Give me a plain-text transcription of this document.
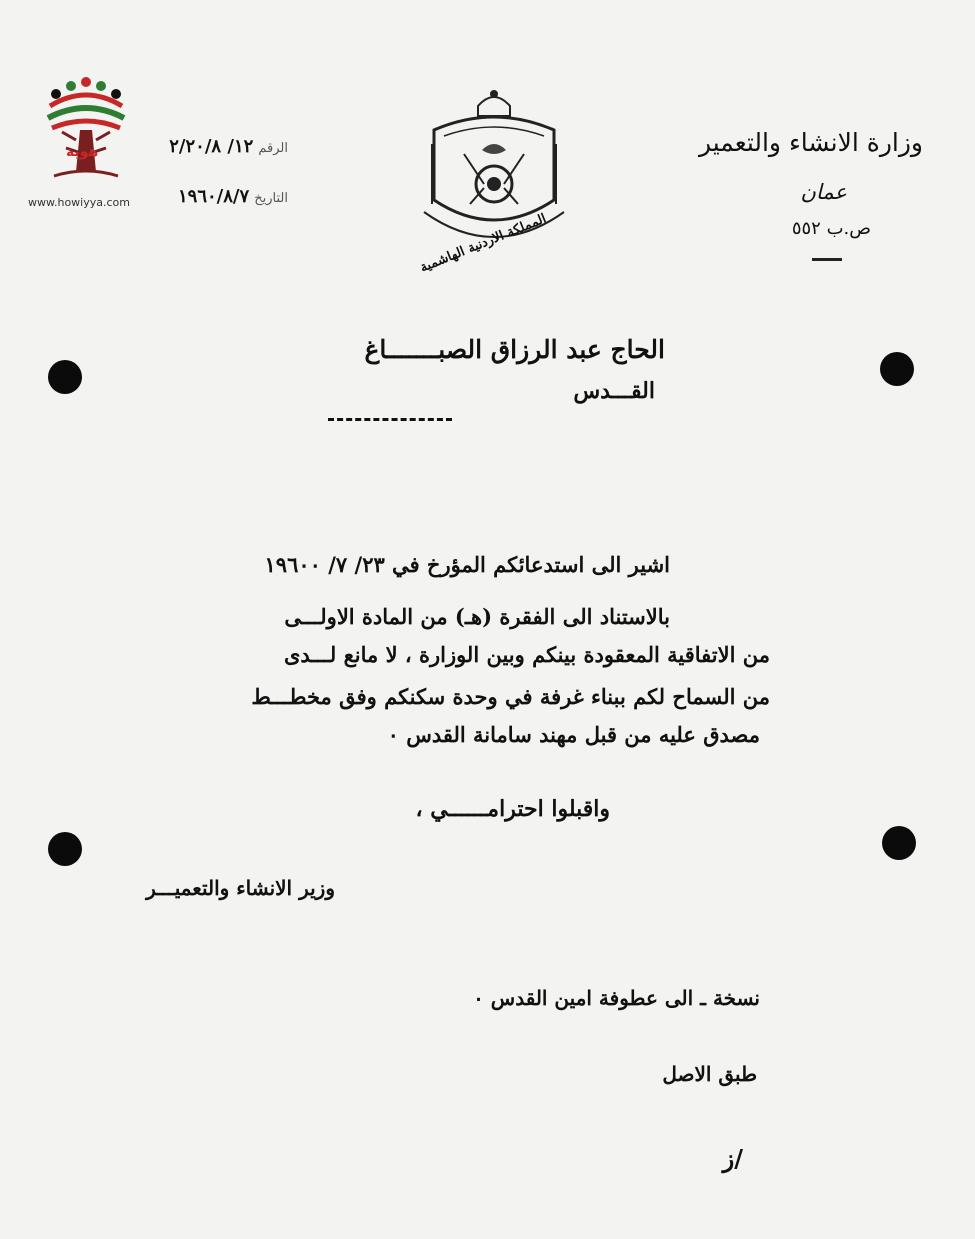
هوية
www.howiyya.com
الرقم ١٢/ ٢/٢٠/٨
التاريخ ١٩٦٠/٨/٧
المملكة الاردنية الهاشمية
وزارة الانشاء والتعمير
عمان
ص.ب ٥٥٢
الحاج عبد الرزاق الصبـــــــاغ
القـــدس
اشير الى استدعائكم المؤرخ في ٢٣/ ٧/ ١٩٦٠٠
بالاستناد الى الفقرة (هـ) من المادة الاولـــى
من الاتفاقية المعقودة بينكم وبين الوزارة ، لا مانع لـــدى
من السماح لكم ببناء غرفة في وحدة سكنكم وفق مخطـــط
مصدق عليه من قبل مهند سامانة القدس ٠
واقبلوا احترامــــــي ،
وزير الانشاء والتعميـــر
نسخة ـ الى عطوفة امين القدس ٠
طبق الاصل
/ز
